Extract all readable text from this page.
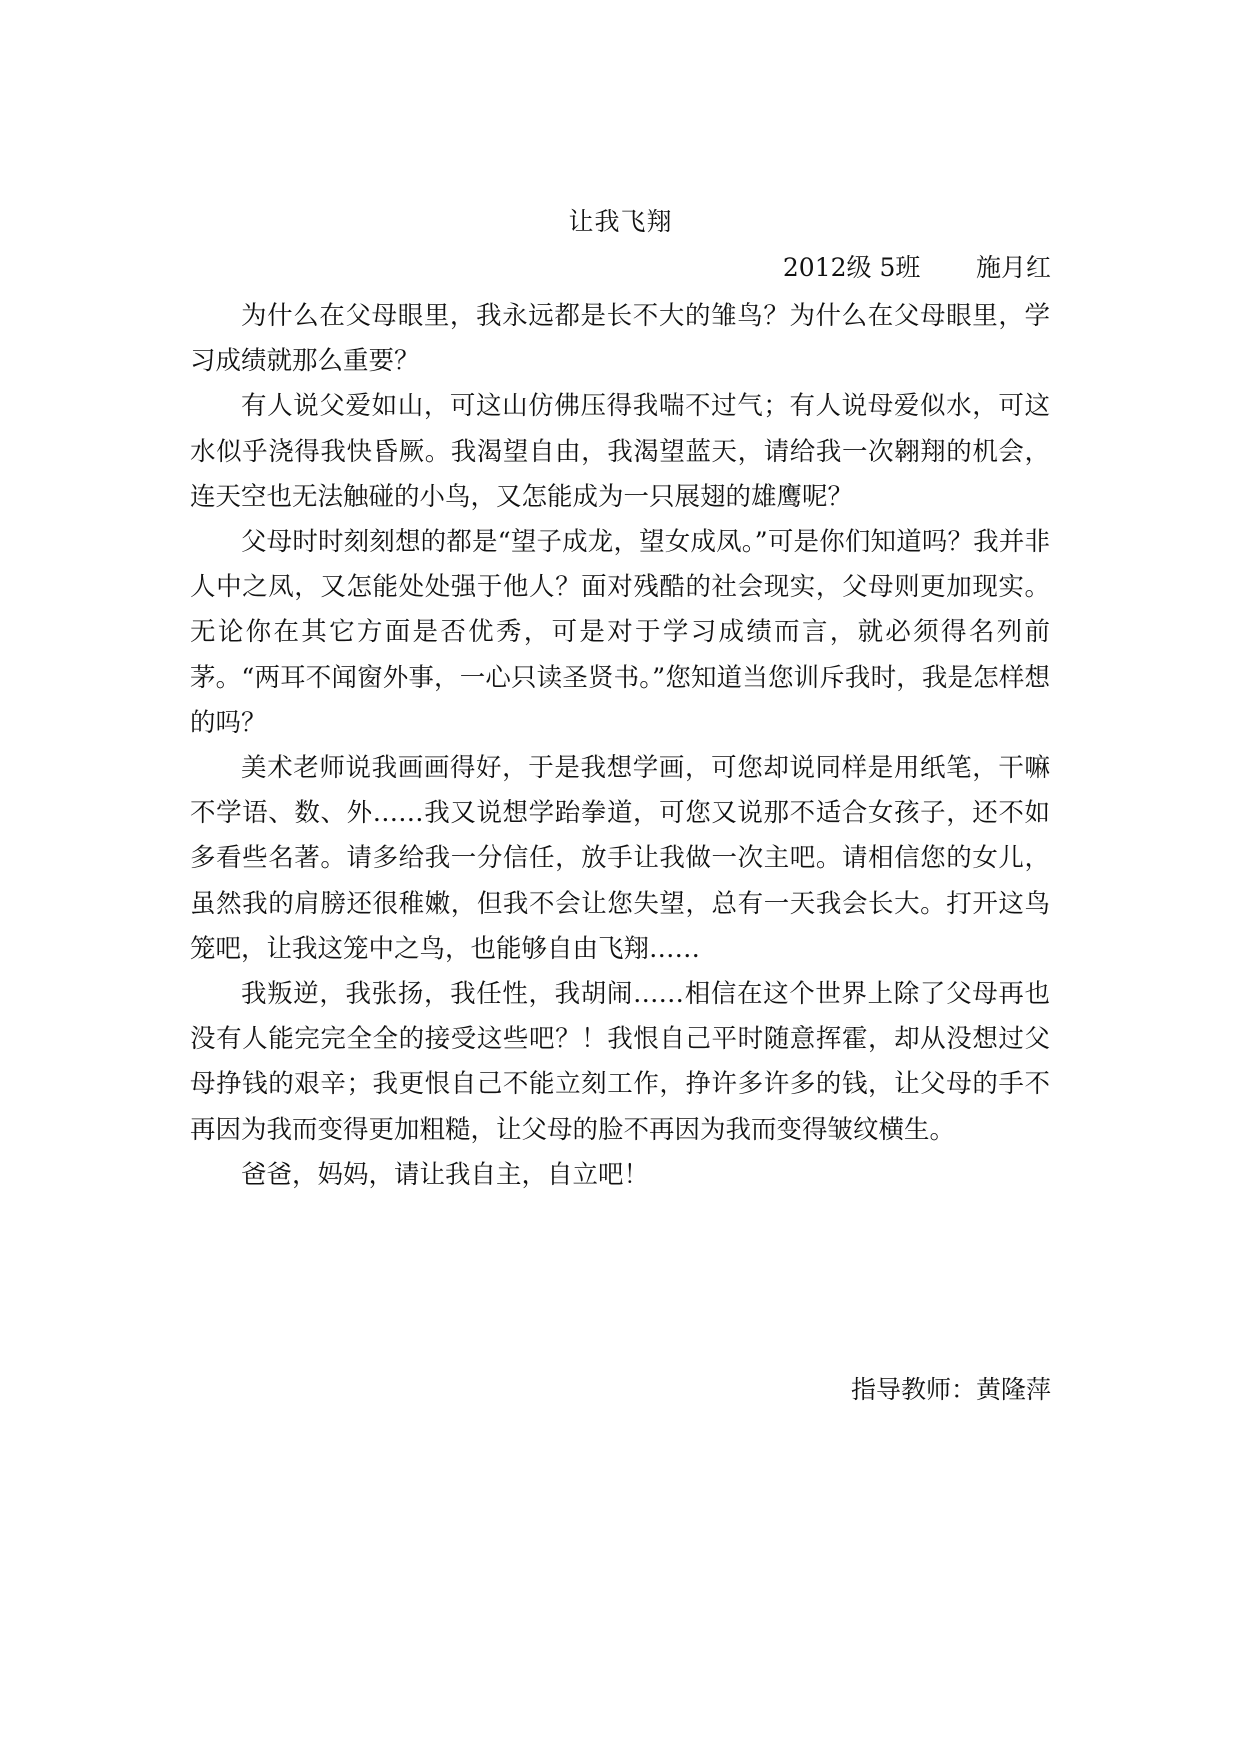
让我飞翔
2012级 5班       施月红

为什么在父母眼里，我永远都是长不大的雏鸟？为什么在父母眼里，学习成绩就那么重要？

有人说父爱如山，可这山仿佛压得我喘不过气；有人说母爱似水，可这水似乎浇得我快昏厥。我渴望自由，我渴望蓝天，请给我一次翱翔的机会，连天空也无法触碰的小鸟，又怎能成为一只展翅的雄鹰呢？

父母时时刻刻想的都是“望子成龙，望女成凤。”可是你们知道吗？我并非人中之凤，又怎能处处强于他人？面对残酷的社会现实，父母则更加现实。无论你在其它方面是否优秀，可是对于学习成绩而言，就必须得名列前茅。“两耳不闻窗外事，一心只读圣贤书。”您知道当您训斥我时，我是怎样想的吗？

美术老师说我画画得好，于是我想学画，可您却说同样是用纸笔，干嘛不学语、数、外……我又说想学跆拳道，可您又说那不适合女孩子，还不如多看些名著。请多给我一分信任，放手让我做一次主吧。请相信您的女儿，虽然我的肩膀还很稚嫩，但我不会让您失望，总有一天我会长大。打开这鸟笼吧，让我这笼中之鸟，也能够自由飞翔……

我叛逆，我张扬，我任性，我胡闹……相信在这个世界上除了父母再也没有人能完完全全的接受这些吧？！我恨自己平时随意挥霍，却从没想过父母挣钱的艰辛；我更恨自己不能立刻工作，挣许多许多的钱，让父母的手不再因为我而变得更加粗糙，让父母的脸不再因为我而变得皱纹横生。

爸爸，妈妈，请让我自主，自立吧！

指导教师：黄隆萍
